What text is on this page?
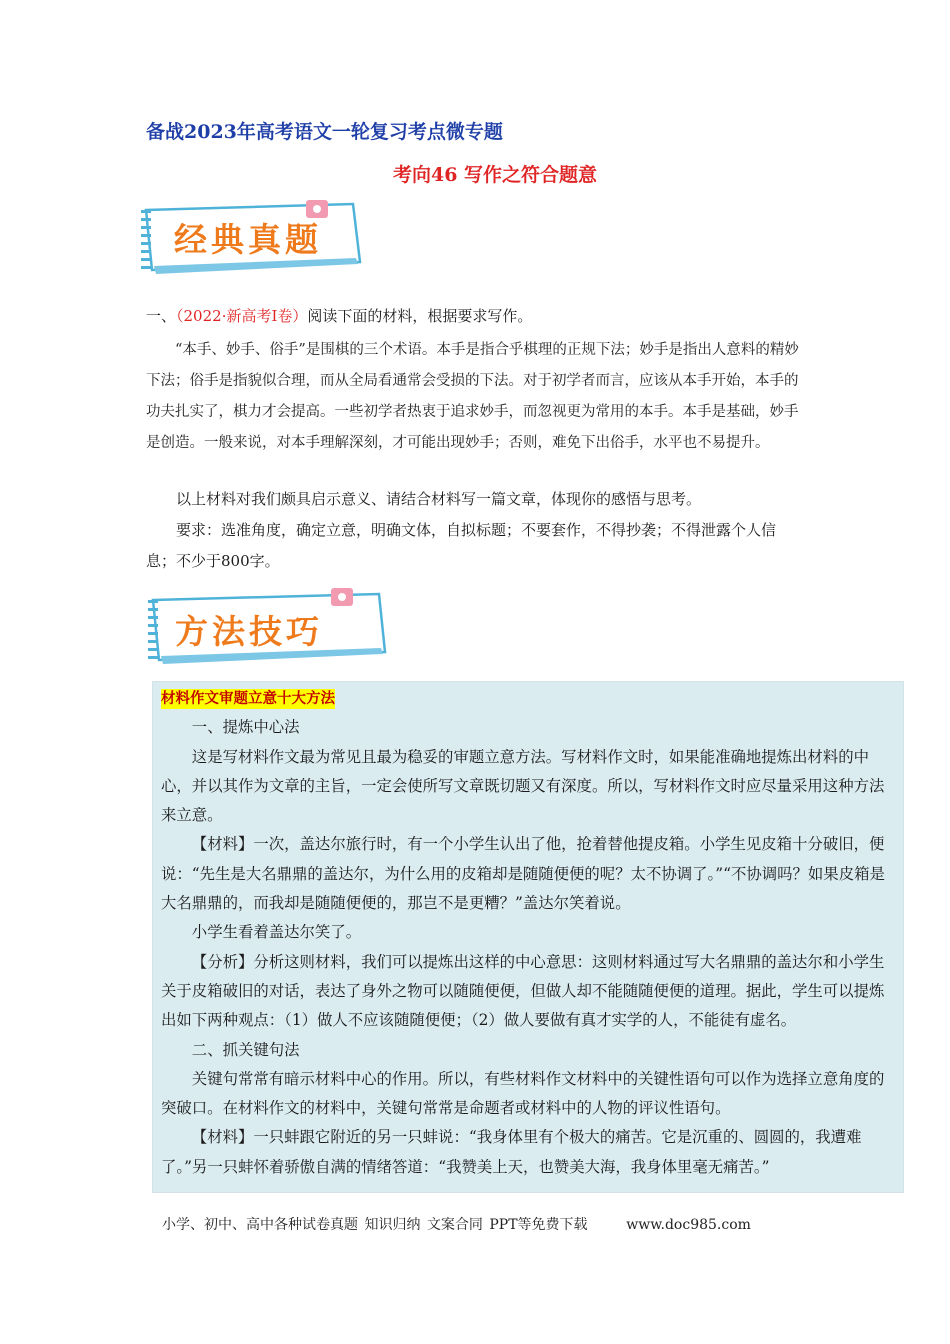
备战2023年高考语文一轮复习考点微专题
考向46 写作之符合题意
经典真题
一、（2022·新高考I卷）阅读下面的材料，根据要求写作。

“本手、妙手、俗手”是围棋的三个术语。本手是指合乎棋理的正规下法；妙手是指出人意料的精妙下法；俗手是指貌似合理，而从全局看通常会受损的下法。对于初学者而言，应该从本手开始，本手的功夫扎实了，棋力才会提高。一些初学者热衷于追求妙手，而忽视更为常用的本手。本手是基础，妙手是创造。一般来说，对本手理解深刻，才可能出现妙手；否则，难免下出俗手，水平也不易提升。

以上材料对我们颇具启示意义、请结合材料写一篇文章，体现你的感悟与思考。
要求：选准角度，确定立意，明确文体，自拟标题；不要套作，不得抄袭；不得泄露个人信息；不少于800字。
方法技巧
材料作文审题立意十大方法

一、提炼中心法

这是写材料作文最为常见且最为稳妥的审题立意方法。写材料作文时，如果能准确地提炼出材料的中心，并以其作为文章的主旨，一定会使所写文章既切题又有深度。所以，写材料作文时应尽量采用这种方法来立意。

【材料】一次，盖达尔旅行时，有一个小学生认出了他，抢着替他提皮箱。小学生见皮箱十分破旧，便说：“先生是大名鼎鼎的盖达尔，为什么用的皮箱却是随随便便的呢？太不协调了。”“不协调吗？如果皮箱是大名鼎鼎的，而我却是随随便便的，那岂不是更糟？”盖达尔笑着说。

小学生看着盖达尔笑了。

【分析】分析这则材料，我们可以提炼出这样的中心意思：这则材料通过写大名鼎鼎的盖达尔和小学生关于皮箱破旧的对话，表达了身外之物可以随随便便，但做人却不能随随便便的道理。据此，学生可以提炼出如下两种观点：（1）做人不应该随随便便；（2）做人要做有真才实学的人，不能徒有虚名。

二、抓关键句法

关键句常常有暗示材料中心的作用。所以，有些材料作文材料中的关键性语句可以作为选择立意角度的突破口。在材料作文的材料中，关键句常常是命题者或材料中的人物的评议性语句。

【材料】一只蚌跟它附近的另一只蚌说：“我身体里有个极大的痛苦。它是沉重的、圆圆的，我遭难了。”另一只蚌怀着骄傲自满的情绪答道：“我赞美上天，也赞美大海，我身体里毫无痛苦。”

小学、初中、高中各种试卷真题 知识归纳 文案合同 PPT等免费下载	www.doc985.com
